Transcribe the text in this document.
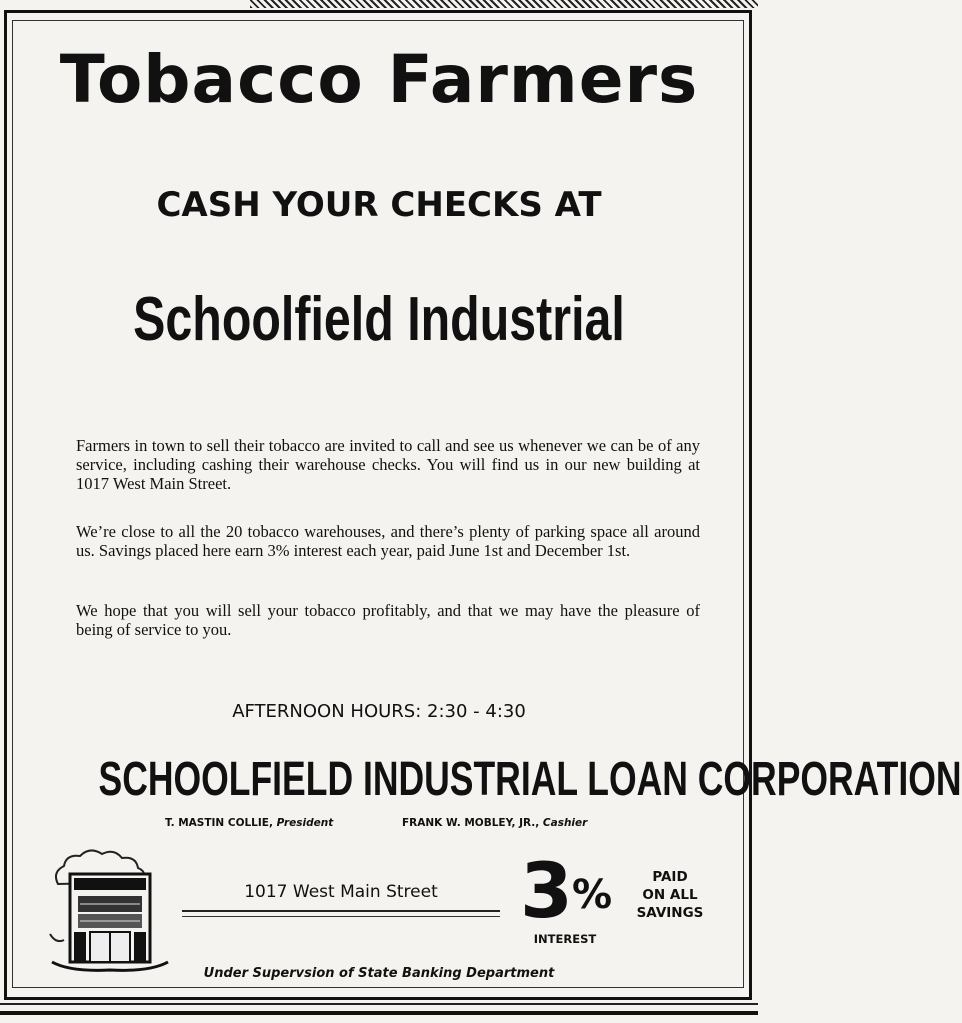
Tobacco Farmers
CASH YOUR CHECKS AT
Schoolfield Industrial

Farmers in town to sell their tobacco are invited to call and see us whenever we can be of any service, including cashing their warehouse checks. You will find us in our new building at 1017 West Main Street.

We’re close to all the 20 tobacco warehouses, and there’s plenty of parking space all around us. Savings placed here earn 3% interest each year, paid June 1st and December 1st.

We hope that you will sell your tobacco profitably, and that we may have the pleasure of being of service to you.

AFTERNOON HOURS: 2:30 - 4:30
SCHOOLFIELD INDUSTRIAL LOAN CORPORATION
T. MASTIN COLLIE, President	FRANK W. MOBLEY, JR., Cashier
1017 West Main Street	3 %	PAID
ON ALL
SAVINGS
INTEREST
Under Supervsion of State Banking Department
